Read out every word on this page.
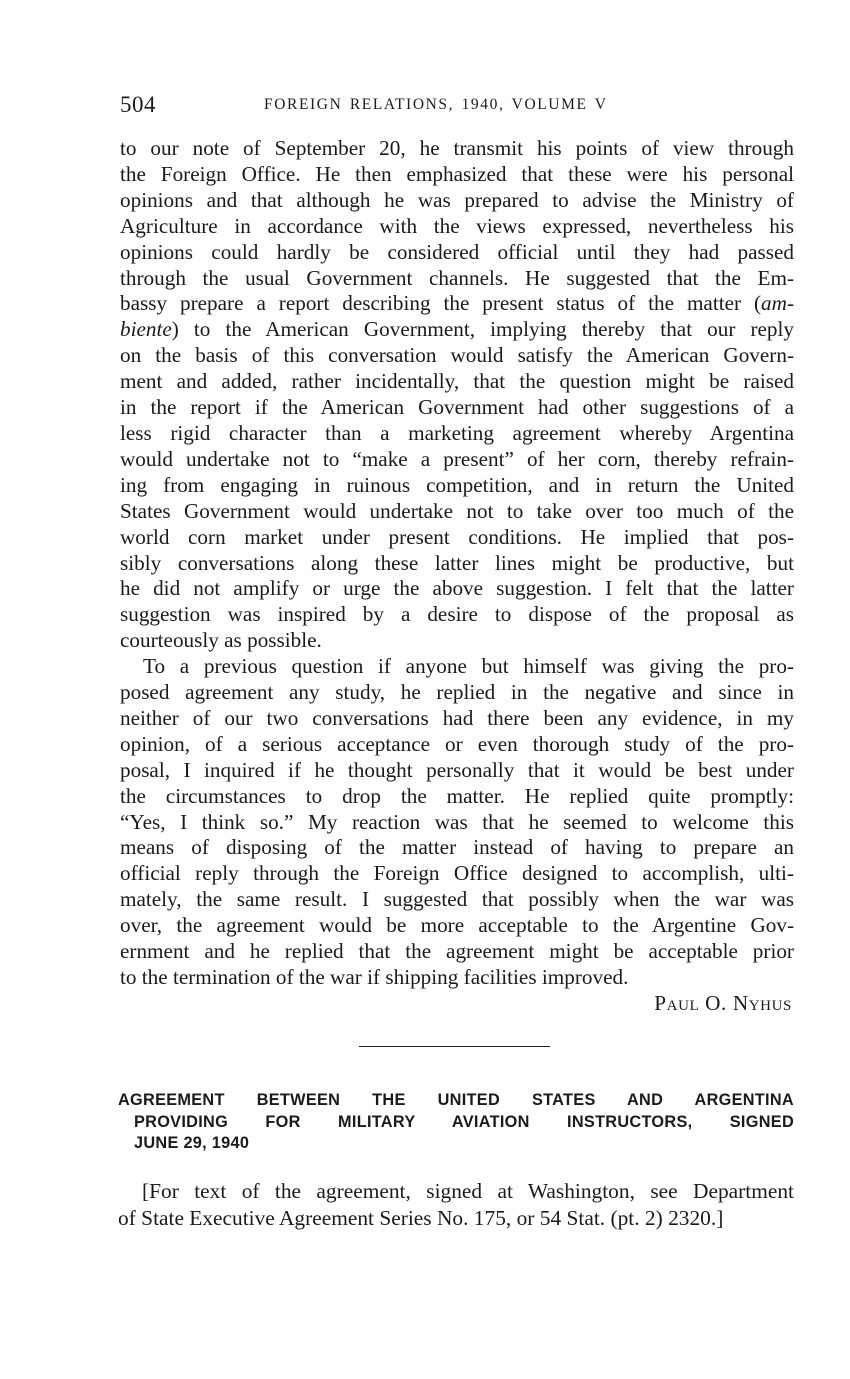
504	FOREIGN RELATIONS, 1940, VOLUME V

to our note of September 20, he transmit his points of view through
the Foreign Office. He then emphasized that these were his personal
opinions and that although he was prepared to advise the Ministry of
Agriculture in accordance with the views expressed, nevertheless his
opinions could hardly be considered official until they had passed
through the usual Government channels. He suggested that the Em-
bassy prepare a report describing the present status of the matter (am-
biente) to the American Government, implying thereby that our reply
on the basis of this conversation would satisfy the American Govern-
ment and added, rather incidentally, that the question might be raised
in the report if the American Government had other suggestions of a
less rigid character than a marketing agreement whereby Argentina
would undertake not to “make a present” of her corn, thereby refrain-
ing from engaging in ruinous competition, and in return the United
States Government would undertake not to take over too much of the
world corn market under present conditions. He implied that pos-
sibly conversations along these latter lines might be productive, but
he did not amplify or urge the above suggestion. I felt that the latter
suggestion was inspired by a desire to dispose of the proposal as
courteously as possible.

To a previous question if anyone but himself was giving the pro-
posed agreement any study, he replied in the negative and since in
neither of our two conversations had there been any evidence, in my
opinion, of a serious acceptance or even thorough study of the pro-
posal, I inquired if he thought personally that it would be best under
the circumstances to drop the matter. He replied quite promptly:
“Yes, I think so.” My reaction was that he seemed to welcome this
means of disposing of the matter instead of having to prepare an
official reply through the Foreign Office designed to accomplish, ulti-
mately, the same result. I suggested that possibly when the war was
over, the agreement would be more acceptable to the Argentine Gov-
ernment and he replied that the agreement might be acceptable prior
to the termination of the war if shipping facilities improved.

Paul O. Nyhus

AGREEMENT BETWEEN THE UNITED STATES AND ARGENTINA
PROVIDING FOR MILITARY AVIATION INSTRUCTORS, SIGNED
JUNE 29, 1940

[For text of the agreement, signed at Washington, see Department
of State Executive Agreement Series No. 175, or 54 Stat. (pt. 2) 2320.]
